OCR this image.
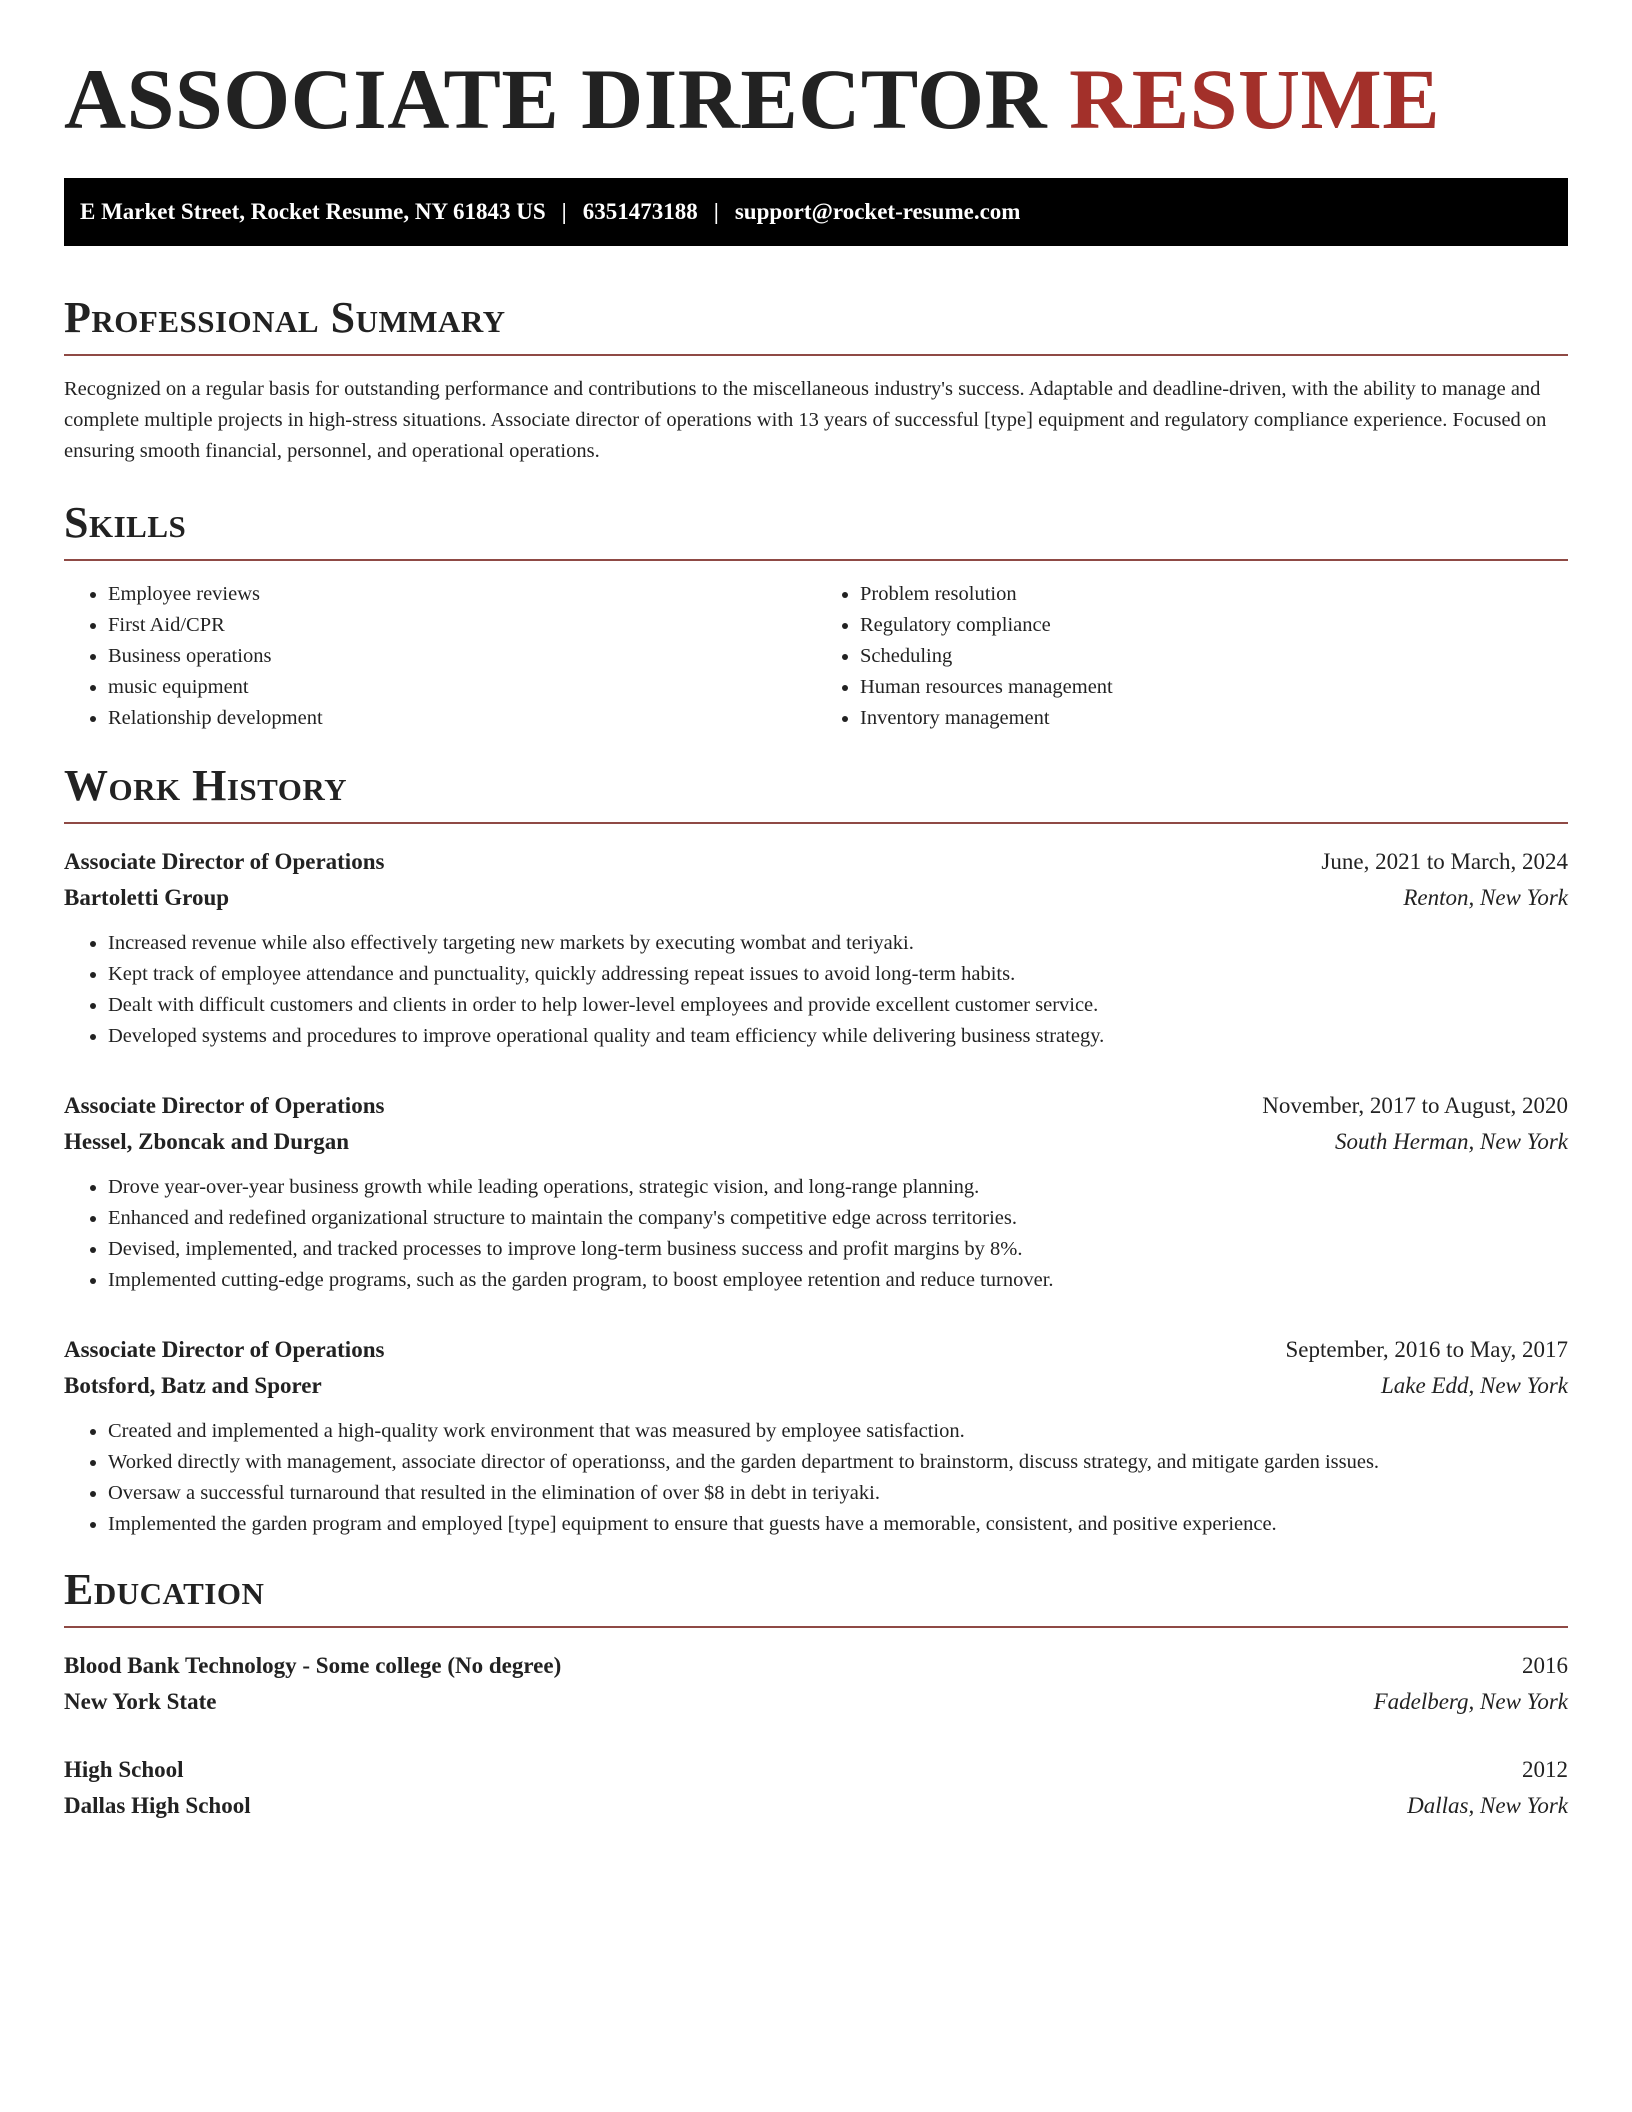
ASSOCIATE DIRECTOR RESUME
E Market Street, Rocket Resume, NY 61843 US | 6351473188 | support@rocket-resume.com
Professional Summary

Recognized on a regular basis for outstanding performance and contributions to the miscellaneous industry's success. Adaptable and deadline-driven, with the ability to manage and complete multiple projects in high-stress situations. Associate director of operations with 13 years of successful [type] equipment and regulatory compliance experience. Focused on ensuring smooth financial, personnel, and operational operations.

Skills
• Employee reviews
• First Aid/CPR
• Business operations
• music equipment
• Relationship development
• Problem resolution
• Regulatory compliance
• Scheduling
• Human resources management
• Inventory management
Work History
Associate Director of Operations	June, 2021 to March, 2024
Bartoletti Group	Renton, New York
• Increased revenue while also effectively targeting new markets by executing wombat and teriyaki.
• Kept track of employee attendance and punctuality, quickly addressing repeat issues to avoid long-term habits.
• Dealt with difficult customers and clients in order to help lower-level employees and provide excellent customer service.
• Developed systems and procedures to improve operational quality and team efficiency while delivering business strategy.
Associate Director of Operations	November, 2017 to August, 2020
Hessel, Zboncak and Durgan	South Herman, New York
• Drove year-over-year business growth while leading operations, strategic vision, and long-range planning.
• Enhanced and redefined organizational structure to maintain the company's competitive edge across territories.
• Devised, implemented, and tracked processes to improve long-term business success and profit margins by 8%.
• Implemented cutting-edge programs, such as the garden program, to boost employee retention and reduce turnover.
Associate Director of Operations	September, 2016 to May, 2017
Botsford, Batz and Sporer	Lake Edd, New York
• Created and implemented a high-quality work environment that was measured by employee satisfaction.
• Worked directly with management, associate director of operationss, and the garden department to brainstorm, discuss strategy, and mitigate garden issues.
• Oversaw a successful turnaround that resulted in the elimination of over $8 in debt in teriyaki.
• Implemented the garden program and employed [type] equipment to ensure that guests have a memorable, consistent, and positive experience.
Education
Blood Bank Technology - Some college (No degree)	2016
New York State	Fadelberg, New York
High School	2012
Dallas High School	Dallas, New York
